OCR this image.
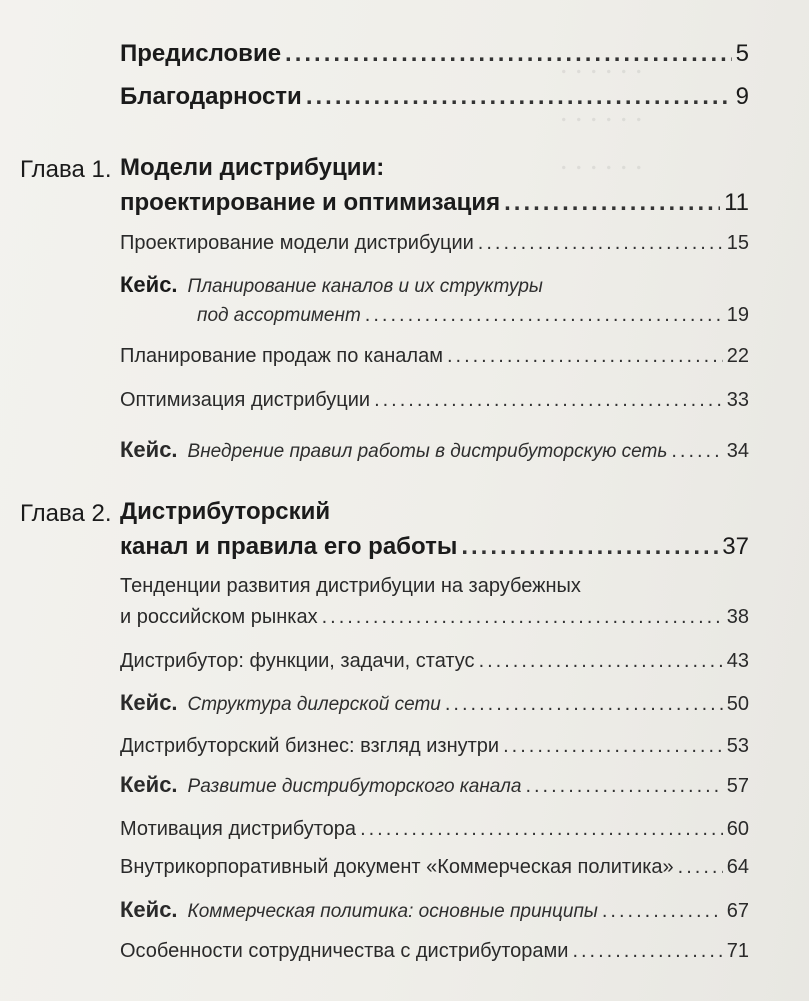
. . . . . .
. . . . . .
. . . . . .
Предисловие .....	5
Благодарности .....	9
Глава 1. Модели дистрибуции:
проектирование и оптимизация .....	11
Проектирование модели дистрибуции .....	15
Кейс. Планирование каналов и их структуры
под ассортимент .....	19
Планирование продаж по каналам .....	22
Оптимизация дистрибуции .....	33
Кейс. Внедрение правил работы в дистрибуторскую сеть .....	34
Глава 2. Дистрибуторский
канал и правила его работы .....	37
Тенденции развития дистрибуции на зарубежных
и российском рынках .....	38
Дистрибутор: функции, задачи, статус .....	43
Кейс. Структура дилерской сети .....	50
Дистрибуторский бизнес: взгляд изнутри .....	53
Кейс. Развитие дистрибуторского канала .....	57
Мотивация дистрибутора .....	60
Внутрикорпоративный документ «Коммерческая политика» .....	64
Кейс. Коммерческая политика: основные принципы .....	67
Особенности сотрудничества с дистрибуторами .....	71
